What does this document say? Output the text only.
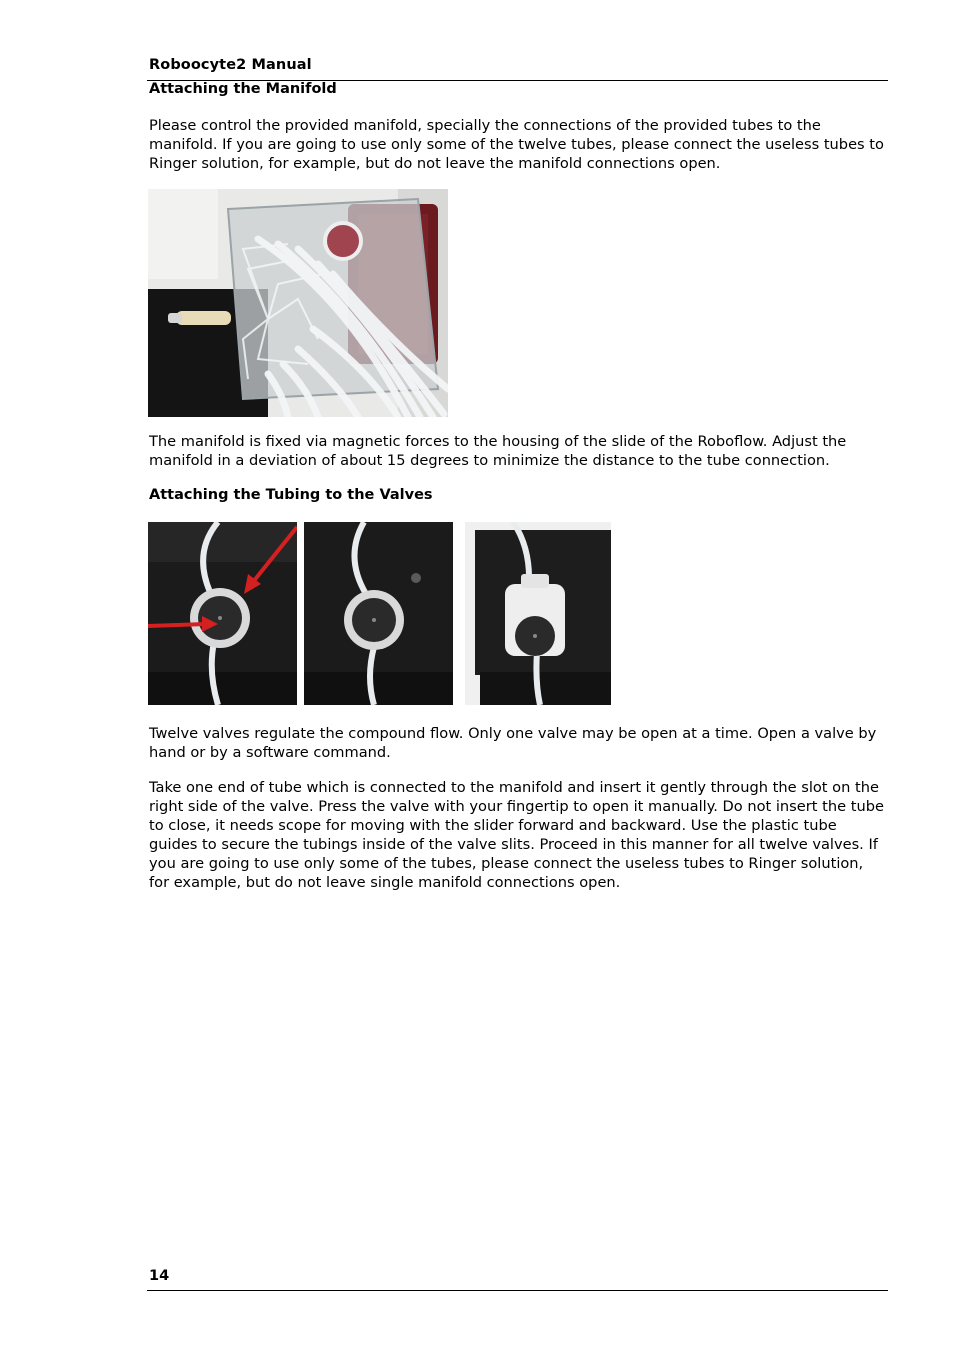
Roboocyte2 Manual
Attaching the Manifold

Please control the provided manifold, specially the connections of the provided tubes to the manifold. If you are going to use only some of the twelve tubes, please connect the useless tubes to Ringer solution, for example, but do not leave the manifold connections open.

The manifold is fixed via magnetic forces to the housing of the slide of the Roboflow. Adjust the manifold in a deviation of about 15 degrees to minimize the distance to the tube connection.

Attaching the Tubing to the Valves

Twelve valves regulate the compound flow. Only one valve may be open at a time. Open a valve by hand or by a software command.

Take one end of tube which is connected to the manifold and insert it gently through the slot on the right side of the valve. Press the valve with your fingertip to open it manually. Do not insert the tube to close, it needs scope for moving with the slider forward and backward. Use the plastic tube guides to secure the tubings inside of the valve slits. Proceed in this manner for all twelve valves. If you are going to use only some of the tubes, please connect the useless tubes to Ringer solution, for example, but do not leave single manifold connections open.

14
